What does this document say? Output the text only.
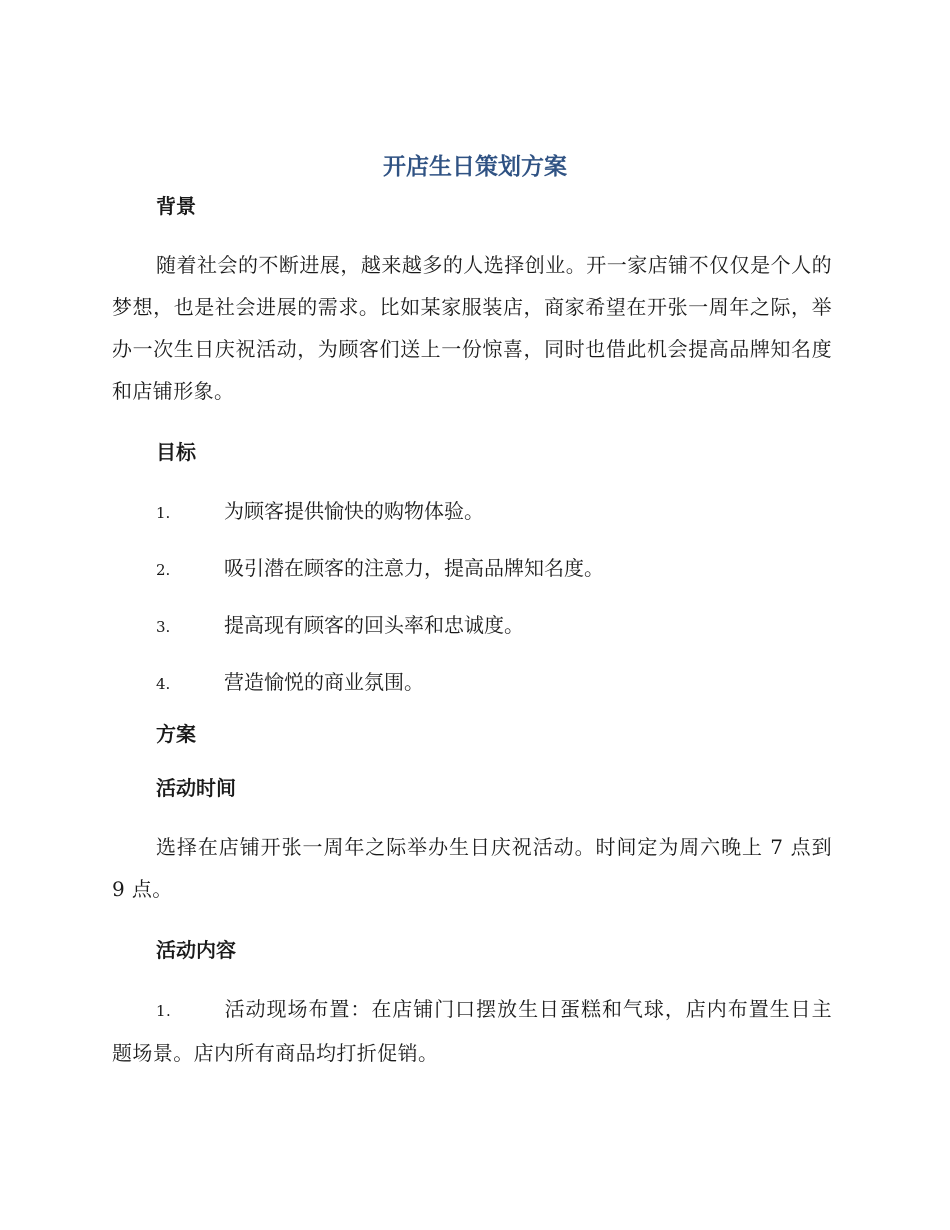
开店生日策划方案
背景

随着社会的不断进展，越来越多的人选择创业。开一家店铺不仅仅是个人的梦想，也是社会进展的需求。比如某家服装店，商家希望在开张一周年之际，举办一次生日庆祝活动，为顾客们送上一份惊喜，同时也借此机会提高品牌知名度和店铺形象。

目标

1.	为顾客提供愉快的购物体验。

2.	吸引潜在顾客的注意力，提高品牌知名度。

3.	提高现有顾客的回头率和忠诚度。

4.	营造愉悦的商业氛围。

方案
活动时间

选择在店铺开张一周年之际举办生日庆祝活动。时间定为周六晚上 7 点到 9 点。

活动内容

1.	活动现场布置：在店铺门口摆放生日蛋糕和气球，店内布置生日主题场景。店内所有商品均打折促销。
